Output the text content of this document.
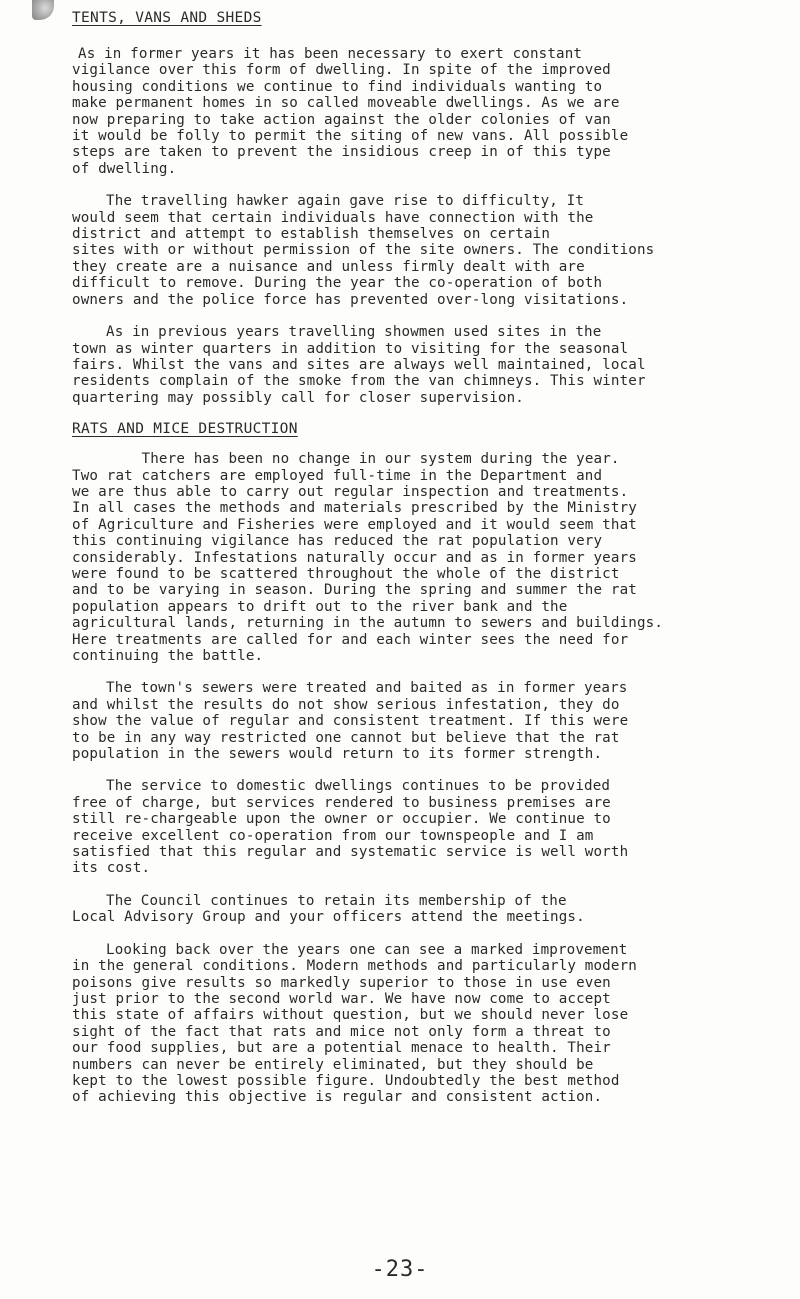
TENTS, VANS AND SHEDS

As in former years it has been necessary to exert constant
vigilance over this form of dwelling. In spite of the improved
housing conditions we continue to find individuals wanting to
make permanent homes in so called moveable dwellings. As we are
now preparing to take action against the older colonies of van
it would be folly to permit the siting of new vans. All possible
steps are taken to prevent the insidious creep in of this type
of dwelling.

The travelling hawker again gave rise to difficulty, It
would seem that certain individuals have connection with the
district and attempt to establish themselves on certain
sites with or without permission of the site owners. The conditions
they create are a nuisance and unless firmly dealt with are
difficult to remove. During the year the co-operation of both
owners and the police force has prevented over-long visitations.

As in previous years travelling showmen used sites in the
town as winter quarters in addition to visiting for the seasonal
fairs. Whilst the vans and sites are always well maintained, local
residents complain of the smoke from the van chimneys. This winter
quartering may possibly call for closer supervision.

RATS AND MICE DESTRUCTION

There has been no change in our system during the year.
Two rat catchers are employed full-time in the Department and
we are thus able to carry out regular inspection and treatments.
In all cases the methods and materials prescribed by the Ministry
of Agriculture and Fisheries were employed and it would seem that
this continuing vigilance has reduced the rat population very
considerably. Infestations naturally occur and as in former years
were found to be scattered throughout the whole of the district
and to be varying in season. During the spring and summer the rat
population appears to drift out to the river bank and the
agricultural lands, returning in the autumn to sewers and buildings.
Here treatments are called for and each winter sees the need for
continuing the battle.

The town's sewers were treated and baited as in former years
and whilst the results do not show serious infestation, they do
show the value of regular and consistent treatment. If this were
to be in any way restricted one cannot but believe that the rat
population in the sewers would return to its former strength.

The service to domestic dwellings continues to be provided
free of charge, but services rendered to business premises are
still re-chargeable upon the owner or occupier. We continue to
receive excellent co-operation from our townspeople and I am
satisfied that this regular and systematic service is well worth
its cost.

The Council continues to retain its membership of the
Local Advisory Group and your officers attend the meetings.

Looking back over the years one can see a marked improvement
in the general conditions. Modern methods and particularly modern
poisons give results so markedly superior to those in use even
just prior to the second world war. We have now come to accept
this state of affairs without question, but we should never lose
sight of the fact that rats and mice not only form a threat to
our food supplies, but are a potential menace to health. Their
numbers can never be entirely eliminated, but they should be
kept to the lowest possible figure. Undoubtedly the best method
of achieving this objective is regular and consistent action.

-23-
